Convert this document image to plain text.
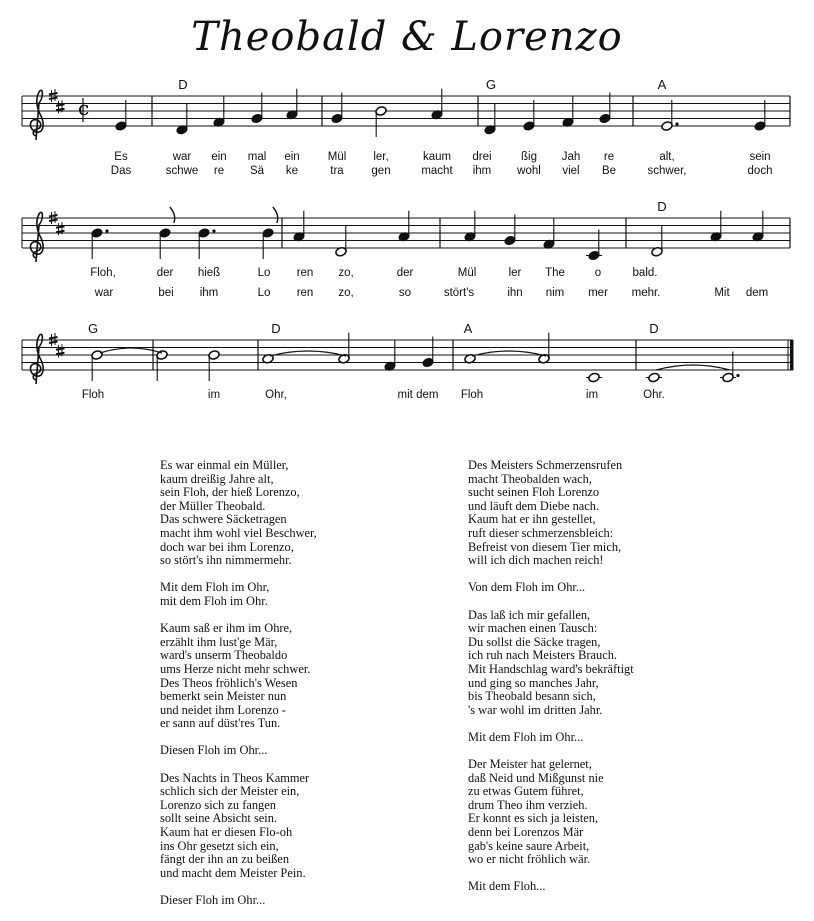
Theobald & Lorenzo
c
D	G	A
Es	war ein mal ein Mül ler,	kaum drei	ßig Jah re	alt,	sein
Das	schwe re Sä ke	tra gen	macht ihm wohl viel Be	schwer,	doch
D
Floh,	der hieß	Lo ren zo,	der	Mül	ler The	o	bald.
war	bei ihm	Lo ren zo,	so	stört's	ihn nim mer mehr.	Mit dem
G	D	A	D
Floh	im	Ohr,	mit dem Floh	im	Ohr.
Es war einmal ein Müller,
kaum dreißig Jahre alt,
sein Floh, der hieß Lorenzo,
der Müller Theobald.
Das schwere Säcketragen
macht ihm wohl viel Beschwer,
doch war bei ihm Lorenzo,
so stört's ihn nimmermehr.
Mit dem Floh im Ohr,
mit dem Floh im Ohr.
Kaum saß er ihm im Ohre,
erzählt ihm lust'ge Mär,
ward's unserm Theobaldo
ums Herze nicht mehr schwer.
Des Theos fröhlich's Wesen
bemerkt sein Meister nun
und neidet ihm Lorenzo -
er sann auf düst'res Tun.
Diesen Floh im Ohr...
Des Nachts in Theos Kammer
schlich sich der Meister ein,
Lorenzo sich zu fangen
sollt seine Absicht sein.
Kaum hat er diesen Flo-oh
ins Ohr gesetzt sich ein,
fängt der ihn an zu beißen
und macht dem Meister Pein.
Dieser Floh im Ohr...
Des Meisters Schmerzensrufen
macht Theobalden wach,
sucht seinen Floh Lorenzo
und läuft dem Diebe nach.
Kaum hat er ihn gestellet,
ruft dieser schmerzensbleich:
Befreist von diesem Tier mich,
will ich dich machen reich!
Von dem Floh im Ohr...
Das laß ich mir gefallen,
wir machen einen Tausch:
Du sollst die Säcke tragen,
ich ruh nach Meisters Brauch.
Mit Handschlag ward's bekräftigt
und ging so manches Jahr,
bis Theobald besann sich,
's war wohl im dritten Jahr.
Mit dem Floh im Ohr...
Der Meister hat gelernet,
daß Neid und Mißgunst nie
zu etwas Gutem führet,
drum Theo ihm verzieh.
Er konnt es sich ja leisten,
denn bei Lorenzos Mär
gab's keine saure Arbeit,
wo er nicht fröhlich wär.
Mit dem Floh...
